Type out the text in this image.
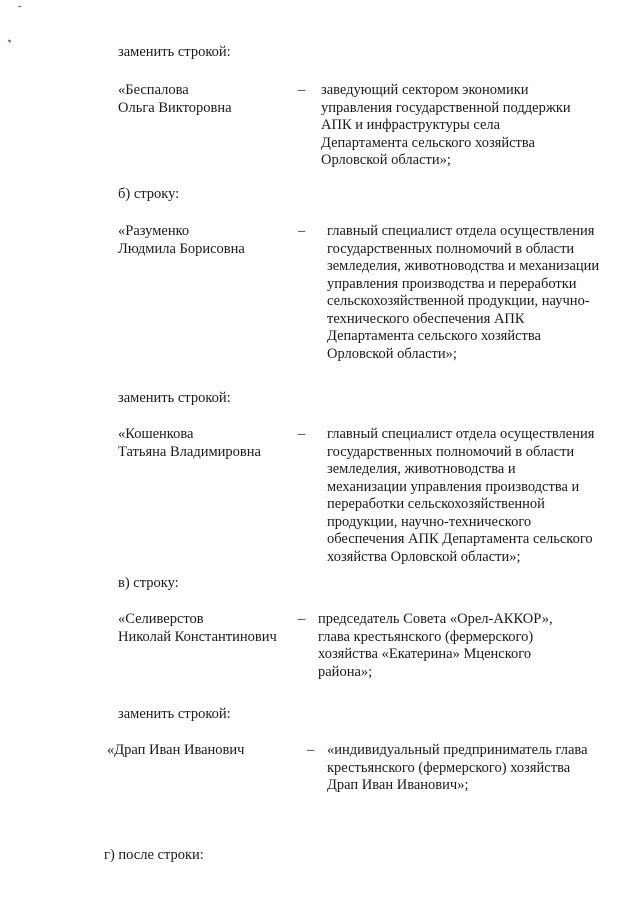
заменить строкой:
«Беспалова
Ольга Викторовна
– заведующий сектором экономики
управления государственной поддержки
АПК и инфраструктуры села
Департамента сельского хозяйства
Орловской области»;
б) строку:
«Разуменко
Людмила Борисовна
– главный специалист отдела осуществления
государственных полномочий в области
земледелия, животноводства и механизации
управления производства и переработки
сельскохозяйственной продукции, научно-
технического обеспечения АПК
Департамента сельского хозяйства
Орловской области»;
заменить строкой:
«Кошенкова
Татьяна Владимировна
– главный специалист отдела осуществления
государственных полномочий в области
земледелия, животноводства и
механизации управления производства и
переработки сельскохозяйственной
продукции, научно-технического
обеспечения АПК Департамента сельского
хозяйства Орловской области»;
в) строку:
«Селиверстов
Николай Константинович
– председатель Совета «Орел-АККОР»,
глава крестьянского (фермерского)
хозяйства «Екатерина» Мценского
района»;
заменить строкой:
«Драп Иван Иванович	– «индивидуальный предприниматель глава
крестьянского (фермерского) хозяйства
Драп Иван Иванович»;
г) после строки:
